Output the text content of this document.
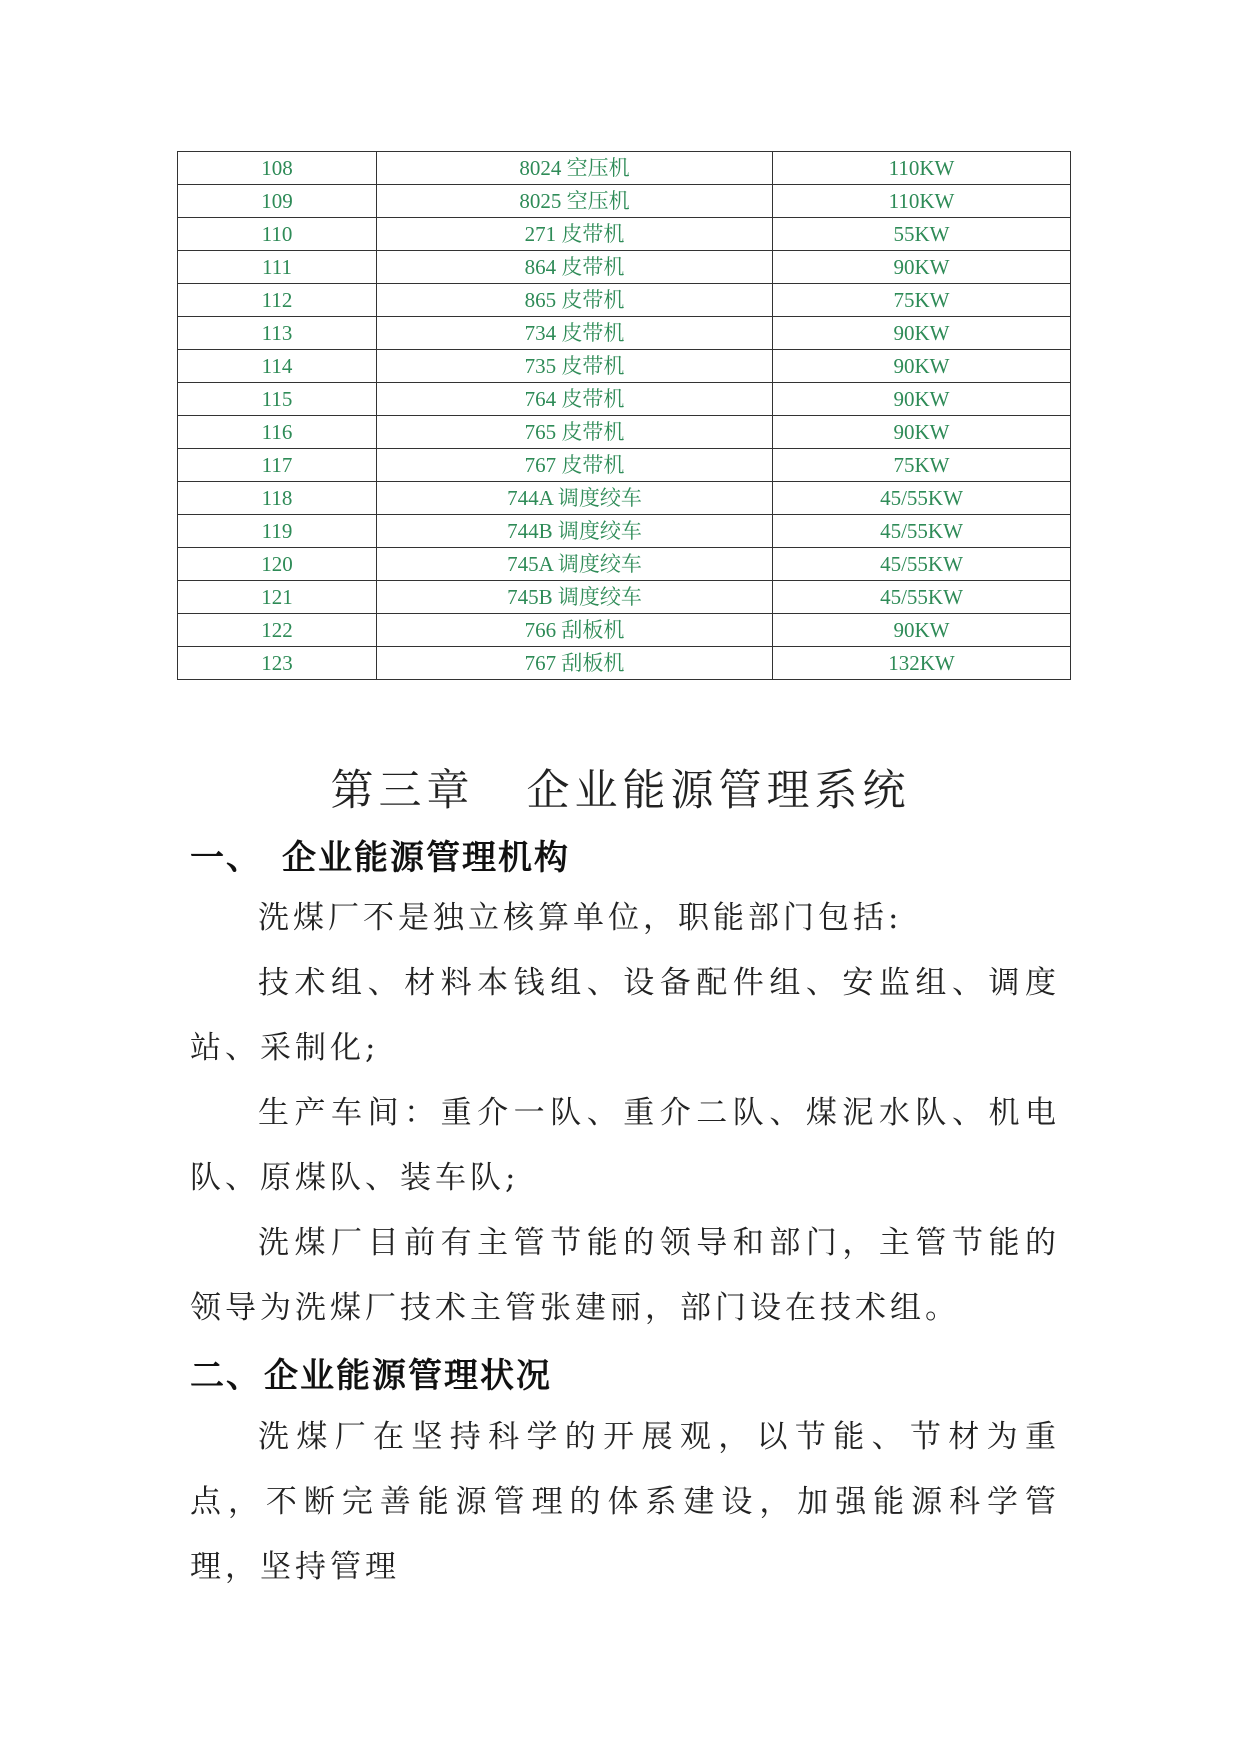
108	8024 空压机	110KW
109	8025 空压机	110KW
110	271 皮带机	55KW
111	864 皮带机	90KW
112	865 皮带机	75KW
113	734 皮带机	90KW
114	735 皮带机	90KW
115	764 皮带机	90KW
116	765 皮带机	90KW
117	767 皮带机	75KW
118	744A 调度绞车	45/55KW
119	744B 调度绞车	45/55KW
120	745A 调度绞车	45/55KW
121	745B 调度绞车	45/55KW
122	766 刮板机	90KW
123	767 刮板机	132KW
第三章 企业能源管理系统
一、 企业能源管理机构

洗煤厂不是独立核算单位，职能部门包括:

技术组、材料本钱组、设备配件组、安监组、调度站、采制化;

生产车间：重介一队、重介二队、煤泥水队、机电队、原煤队、装车队;

洗煤厂目前有主管节能的领导和部门，主管节能的领导为洗煤厂技术主管张建丽，部门设在技术组。

二、企业能源管理状况

洗煤厂在坚持科学的开展观，以节能、节材为重点，不断完善能源管理的体系建设，加强能源科学管理，坚持管理
